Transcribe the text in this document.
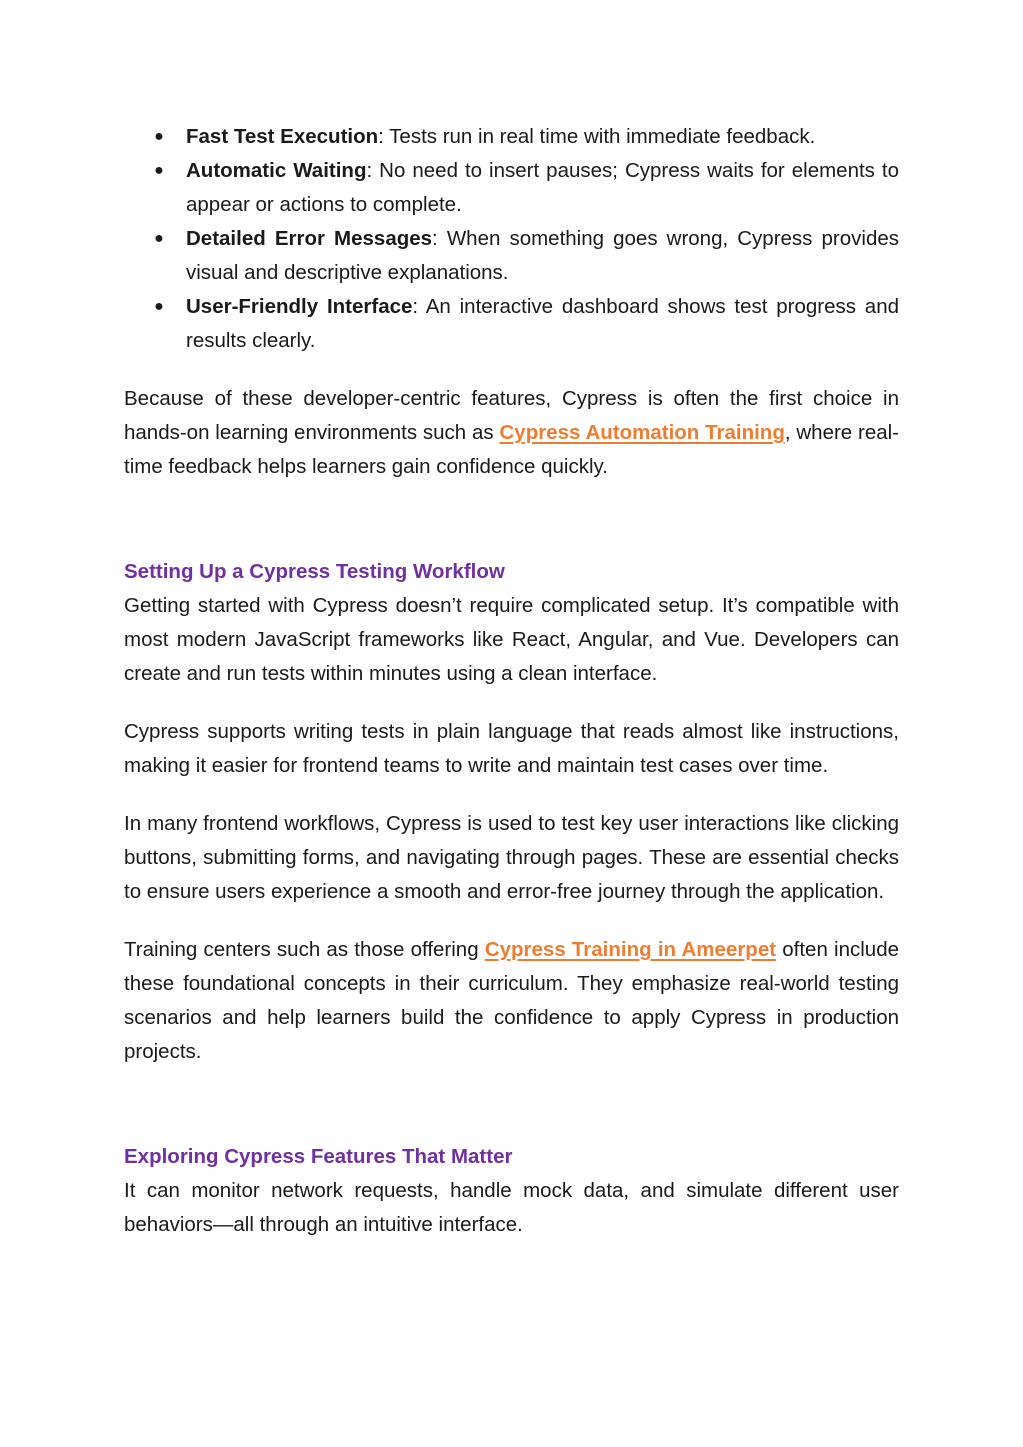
● Fast Test Execution: Tests run in real time with immediate feedback.
● Automatic Waiting: No need to insert pauses; Cypress waits for elements to appear or actions to complete.
● Detailed Error Messages: When something goes wrong, Cypress provides visual and descriptive explanations.
● User-Friendly Interface: An interactive dashboard shows test progress and results clearly.

Because of these developer-centric features, Cypress is often the first choice in hands-on learning environments such as Cypress Automation Training, where real-time feedback helps learners gain confidence quickly.

Setting Up a Cypress Testing Workflow

Getting started with Cypress doesn’t require complicated setup. It’s compatible with most modern JavaScript frameworks like React, Angular, and Vue. Developers can create and run tests within minutes using a clean interface.

Cypress supports writing tests in plain language that reads almost like instructions, making it easier for frontend teams to write and maintain test cases over time.

In many frontend workflows, Cypress is used to test key user interactions like clicking buttons, submitting forms, and navigating through pages. These are essential checks to ensure users experience a smooth and error-free journey through the application.

Training centers such as those offering Cypress Training in Ameerpet often include these foundational concepts in their curriculum. They emphasize real-world testing scenarios and help learners build the confidence to apply Cypress in production projects.

Exploring Cypress Features That Matter

It can monitor network requests, handle mock data, and simulate different user behaviors—all through an intuitive interface.
